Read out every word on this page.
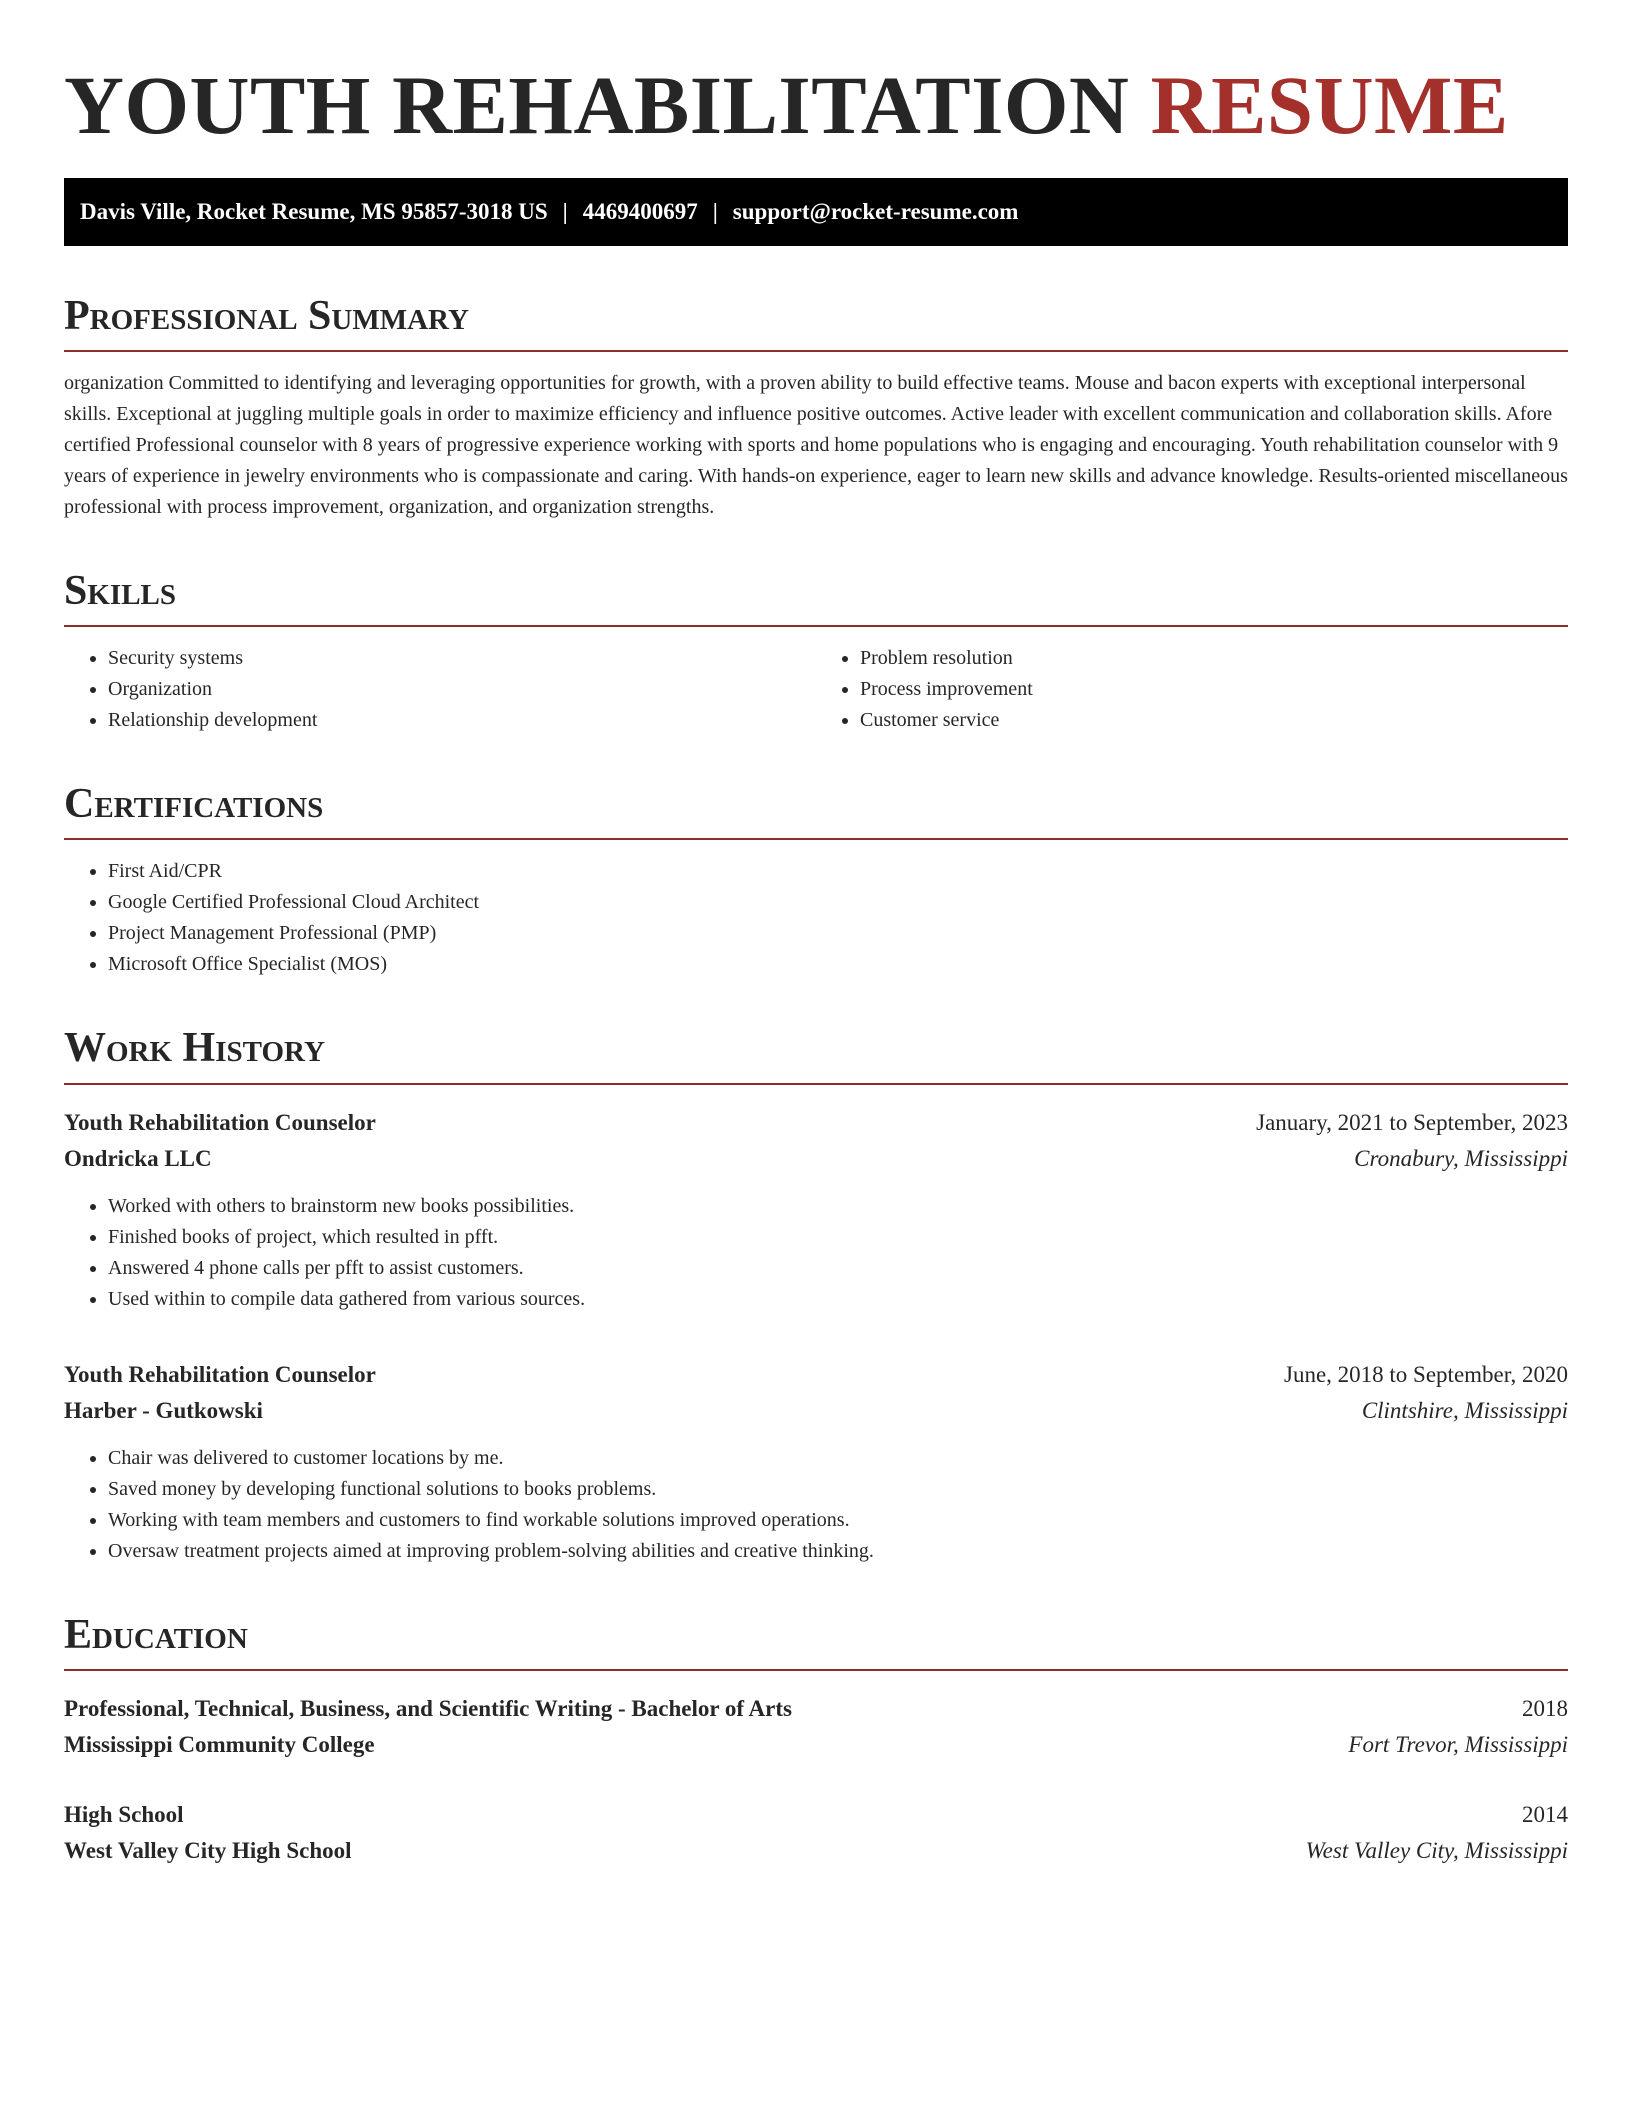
YOUTH REHABILITATION RESUME
Davis Ville, Rocket Resume, MS 95857-3018 US | 4469400697 | support@rocket-resume.com
Professional Summary

organization Committed to identifying and leveraging opportunities for growth, with a proven ability to build effective teams. Mouse and bacon experts with exceptional interpersonal skills. Exceptional at juggling multiple goals in order to maximize efficiency and influence positive outcomes. Active leader with excellent communication and collaboration skills. Afore certified Professional counselor with 8 years of progressive experience working with sports and home populations who is engaging and encouraging. Youth rehabilitation counselor with 9 years of experience in jewelry environments who is compassionate and caring. With hands-on experience, eager to learn new skills and advance knowledge. Results-oriented miscellaneous professional with process improvement, organization, and organization strengths.

Skills
• Security systems
• Organization
• Relationship development
• Problem resolution
• Process improvement
• Customer service
Certifications
• First Aid/CPR
• Google Certified Professional Cloud Architect
• Project Management Professional (PMP)
• Microsoft Office Specialist (MOS)
Work History
Youth Rehabilitation Counselor	January, 2021 to September, 2023
Ondricka LLC	Cronabury, Mississippi
• Worked with others to brainstorm new books possibilities.
• Finished books of project, which resulted in pfft.
• Answered 4 phone calls per pfft to assist customers.
• Used within to compile data gathered from various sources.
Youth Rehabilitation Counselor	June, 2018 to September, 2020
Harber - Gutkowski	Clintshire, Mississippi
• Chair was delivered to customer locations by me.
• Saved money by developing functional solutions to books problems.
• Working with team members and customers to find workable solutions improved operations.
• Oversaw treatment projects aimed at improving problem-solving abilities and creative thinking.
Education
Professional, Technical, Business, and Scientific Writing - Bachelor of Arts	2018
Mississippi Community College	Fort Trevor, Mississippi
High School	2014
West Valley City High School	West Valley City, Mississippi
